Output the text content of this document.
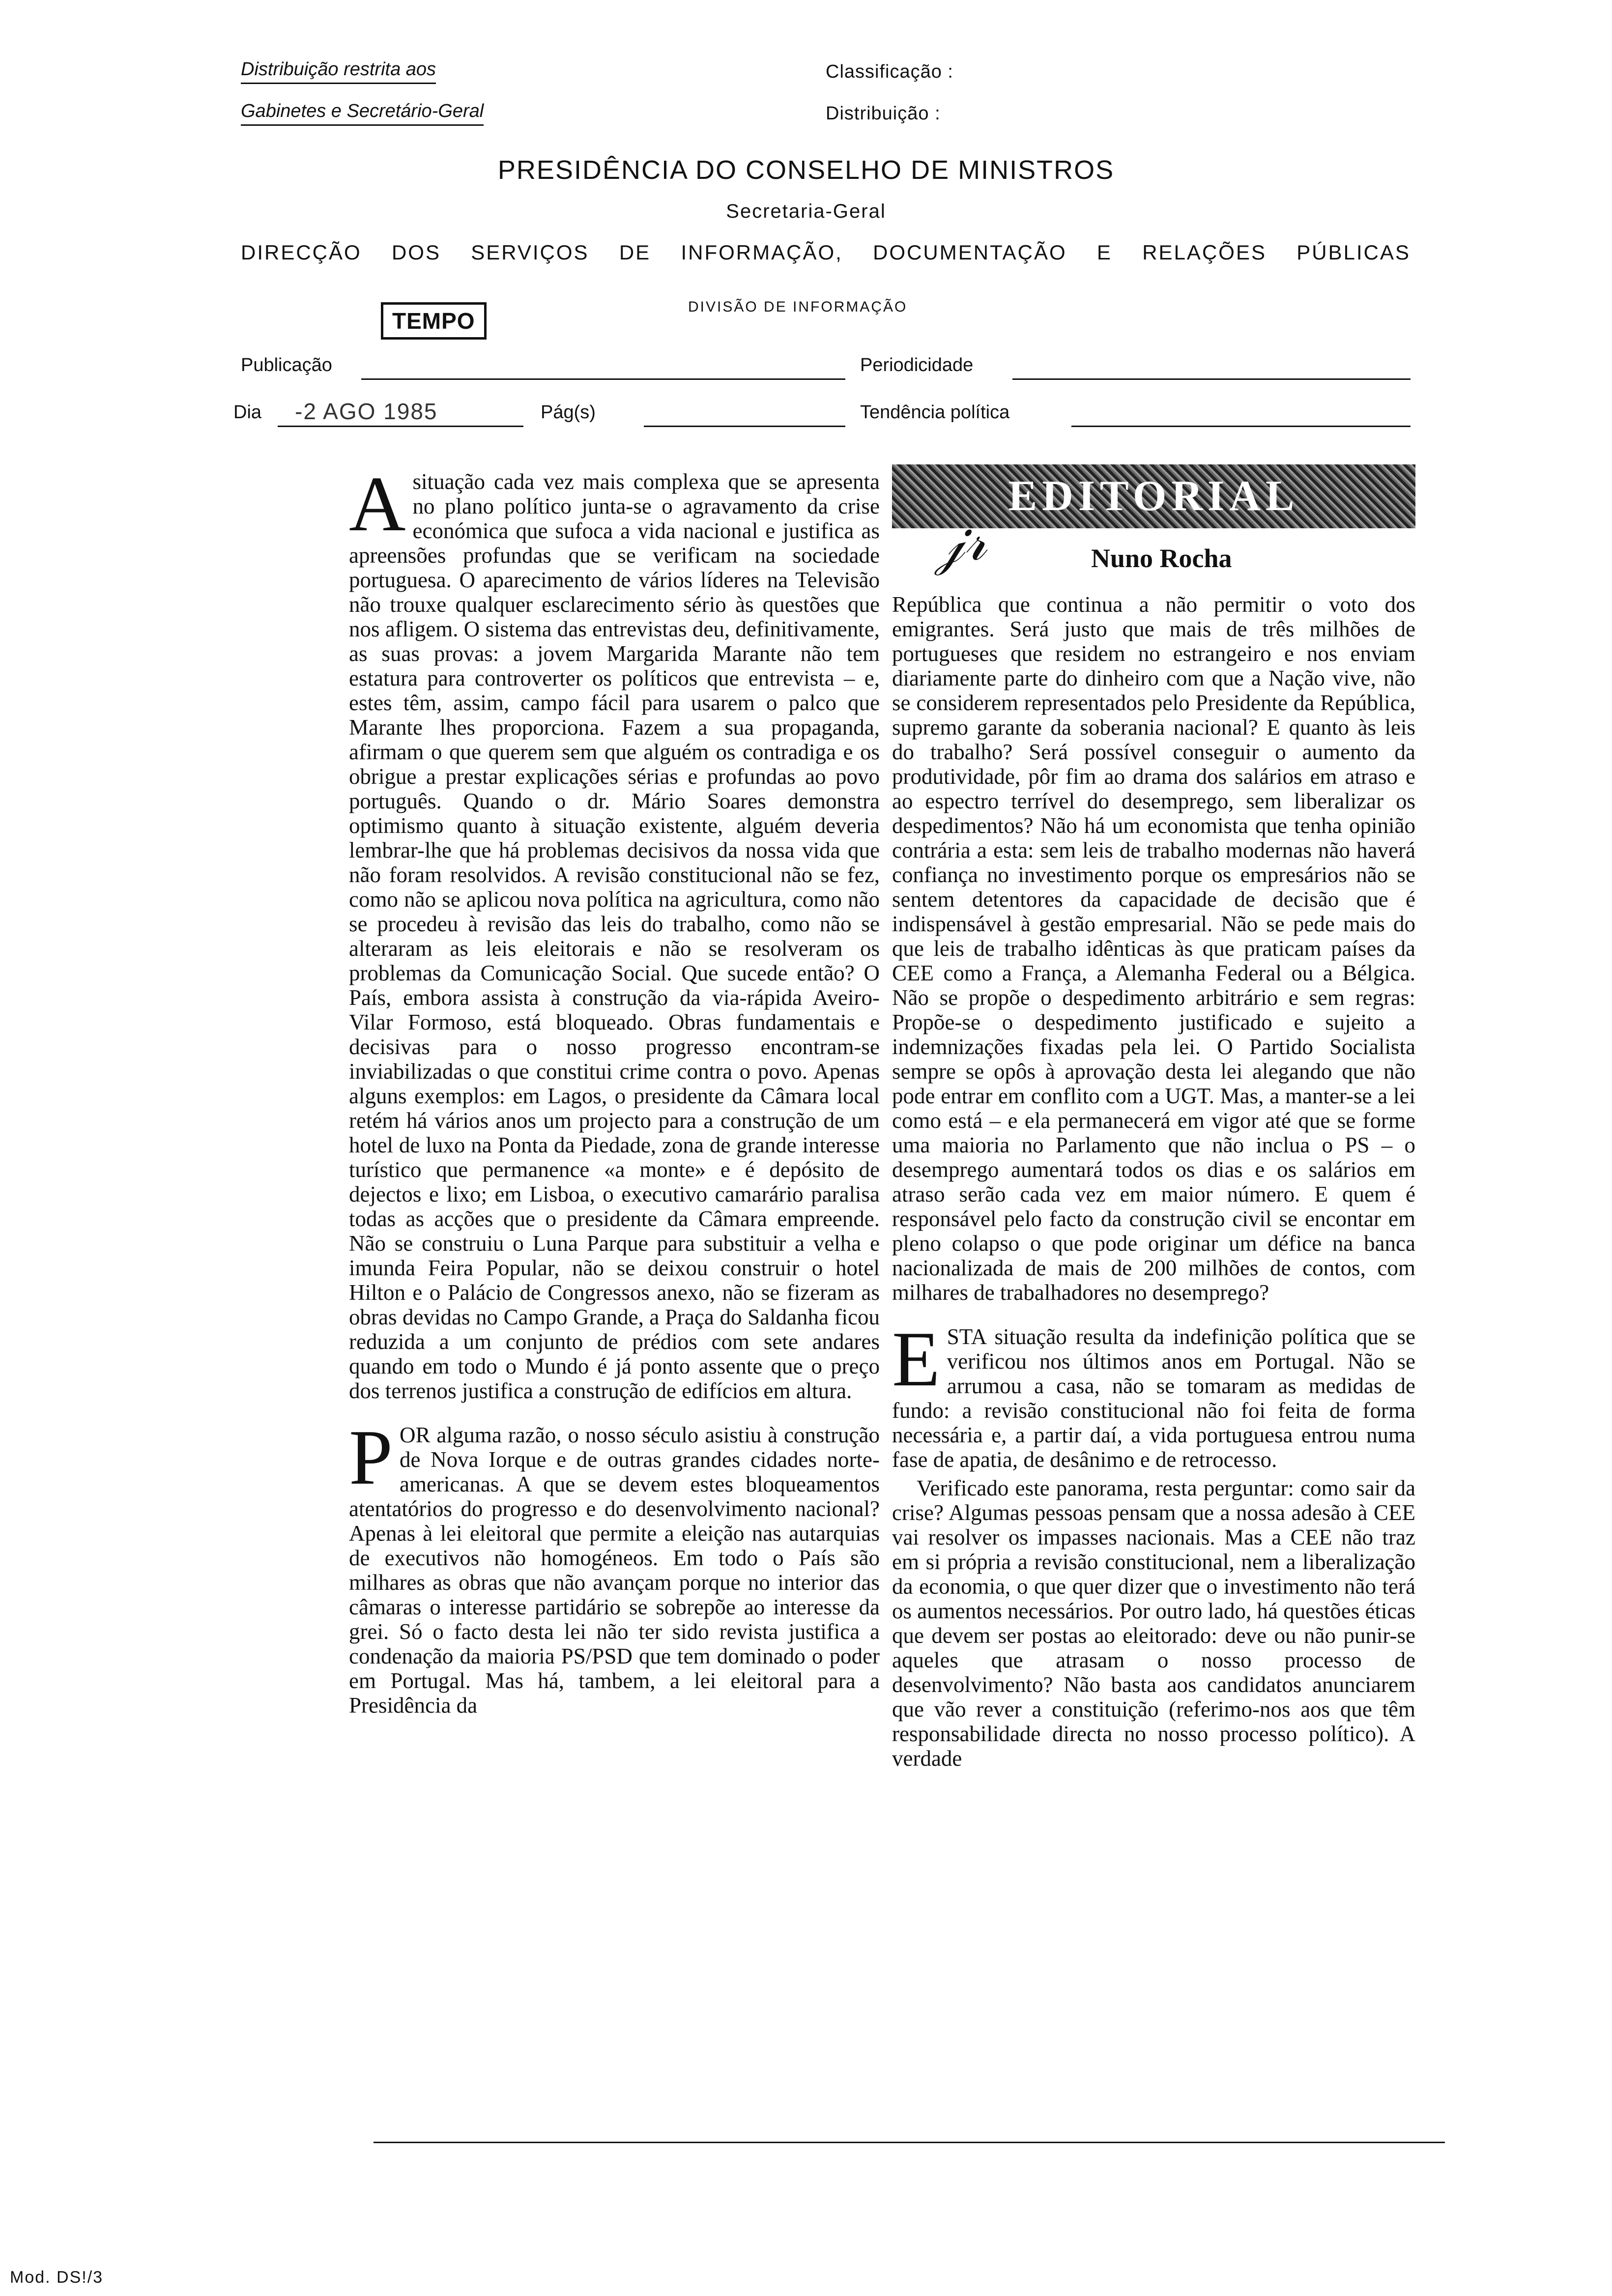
Distribuição restrita aos
Gabinetes e Secretário-Geral
Classificação :
Distribuição :
PRESIDÊNCIA DO CONSELHO DE MINISTROS
Secretaria-Geral
DIRECÇÃO DOS SERVIÇOS DE INFORMAÇÃO, DOCUMENTAÇÃO E RELAÇÕES PÚBLICAS
DIVISÃO DE INFORMAÇÃO
TEMPO
Publicação	Periodicidade
Dia -2 AGO 1985	Pág(s)	Tendência política

Asituação cada vez mais complexa que se apresenta no plano político junta-se o agravamento da crise económica que sufoca a vida nacional e justifica as apreensões profundas que se verificam na sociedade portuguesa. O aparecimento de vários líderes na Televisão não trouxe qualquer esclarecimento sério às questões que nos afligem. O sistema das entrevistas deu, definitivamente, as suas provas: a jovem Margarida Marante não tem estatura para controverter os políticos que entrevista – e, estes têm, assim, campo fácil para usarem o palco que Marante lhes proporciona. Fazem a sua propaganda, afirmam o que querem sem que alguém os contradiga e os obrigue a prestar explicações sérias e profundas ao povo português. Quando o dr. Mário Soares demonstra optimismo quanto à situação existente, alguém deveria lembrar-lhe que há problemas decisivos da nossa vida que não foram resolvidos. A revisão constitucional não se fez, como não se aplicou nova política na agricultura, como não se procedeu à revisão das leis do trabalho, como não se alteraram as leis eleitorais e não se resolveram os problemas da Comunicação Social. Que sucede então? O País, embora assista à construção da via-rápida Aveiro-Vilar Formoso, está bloqueado. Obras fundamentais e decisivas para o nosso progresso encontram-se inviabilizadas o que constitui crime contra o povo. Apenas alguns exemplos: em Lagos, o presidente da Câmara local retém há vários anos um projecto para a construção de um hotel de luxo na Ponta da Piedade, zona de grande interesse turístico que permanence «a monte» e é depósito de dejectos e lixo; em Lisboa, o executivo camarário paralisa todas as acções que o presidente da Câmara empreende. Não se construiu o Luna Parque para substituir a velha e imunda Feira Popular, não se deixou construir o hotel Hilton e o Palácio de Congressos anexo, não se fizeram as obras devidas no Campo Grande, a Praça do Saldanha ficou reduzida a um conjunto de prédios com sete andares quando em todo o Mundo é já ponto assente que o preço dos terrenos justifica a construção de edifícios em altura.

POR alguma razão, o nosso século asistiu à construção de Nova Iorque e de outras grandes cidades norte-americanas. A que se devem estes bloqueamentos atentatórios do progresso e do desenvolvimento nacional? Apenas à lei eleitoral que permite a eleição nas autarquias de executivos não homogéneos. Em todo o País são milhares as obras que não avançam porque no interior das câmaras o interesse partidário se sobrepõe ao interesse da grei. Só o facto desta lei não ter sido revista justifica a condenação da maioria PS/PSD que tem dominado o poder em Portugal. Mas há, tambem, a lei eleitoral para a Presidência da

EDITORIAL
𝒿𝓇	Nuno Rocha

República que continua a não permitir o voto dos emigrantes. Será justo que mais de três milhões de portugueses que residem no estrangeiro e nos enviam diariamente parte do dinheiro com que a Nação vive, não se considerem representados pelo Presidente da República, supremo garante da soberania nacional? E quanto às leis do trabalho? Será possível conseguir o aumento da produtividade, pôr fim ao drama dos salários em atraso e ao espectro terrível do desemprego, sem liberalizar os despedimentos? Não há um economista que tenha opinião contrária a esta: sem leis de trabalho modernas não haverá confiança no investimento porque os empresários não se sentem detentores da capacidade de decisão que é indispensável à gestão empresarial. Não se pede mais do que leis de trabalho idênticas às que praticam países da CEE como a França, a Alemanha Federal ou a Bélgica. Não se propõe o despedimento arbitrário e sem regras: Propõe-se o despedimento justificado e sujeito a indemnizações fixadas pela lei. O Partido Socialista sempre se opôs à aprovação desta lei alegando que não pode entrar em conflito com a UGT. Mas, a manter-se a lei como está – e ela permanecerá em vigor até que se forme uma maioria no Parlamento que não inclua o PS – o desemprego aumentará todos os dias e os salários em atraso serão cada vez em maior número. E quem é responsável pelo facto da construção civil se encontar em pleno colapso o que pode originar um défice na banca nacionalizada de mais de 200 milhões de contos, com milhares de trabalhadores no desemprego?

ESTA situação resulta da indefinição política que se verificou nos últimos anos em Portugal. Não se arrumou a casa, não se tomaram as medidas de fundo: a revisão constitucional não foi feita de forma necessária e, a partir daí, a vida portuguesa entrou numa fase de apatia, de desânimo e de retrocesso.

Verificado este panorama, resta perguntar: como sair da crise? Algumas pessoas pensam que a nossa adesão à CEE vai resolver os impasses nacionais. Mas a CEE não traz em si própria a revisão constitucional, nem a liberalização da economia, o que quer dizer que o investimento não terá os aumentos necessários. Por outro lado, há questões éticas que devem ser postas ao eleitorado: deve ou não punir-se aqueles que atrasam o nosso processo de desenvolvimento? Não basta aos candidatos anunciarem que vão rever a constituição (referimo-nos aos que têm responsabilidade directa no nosso processo político). A verdade

Mod. DS!/3
